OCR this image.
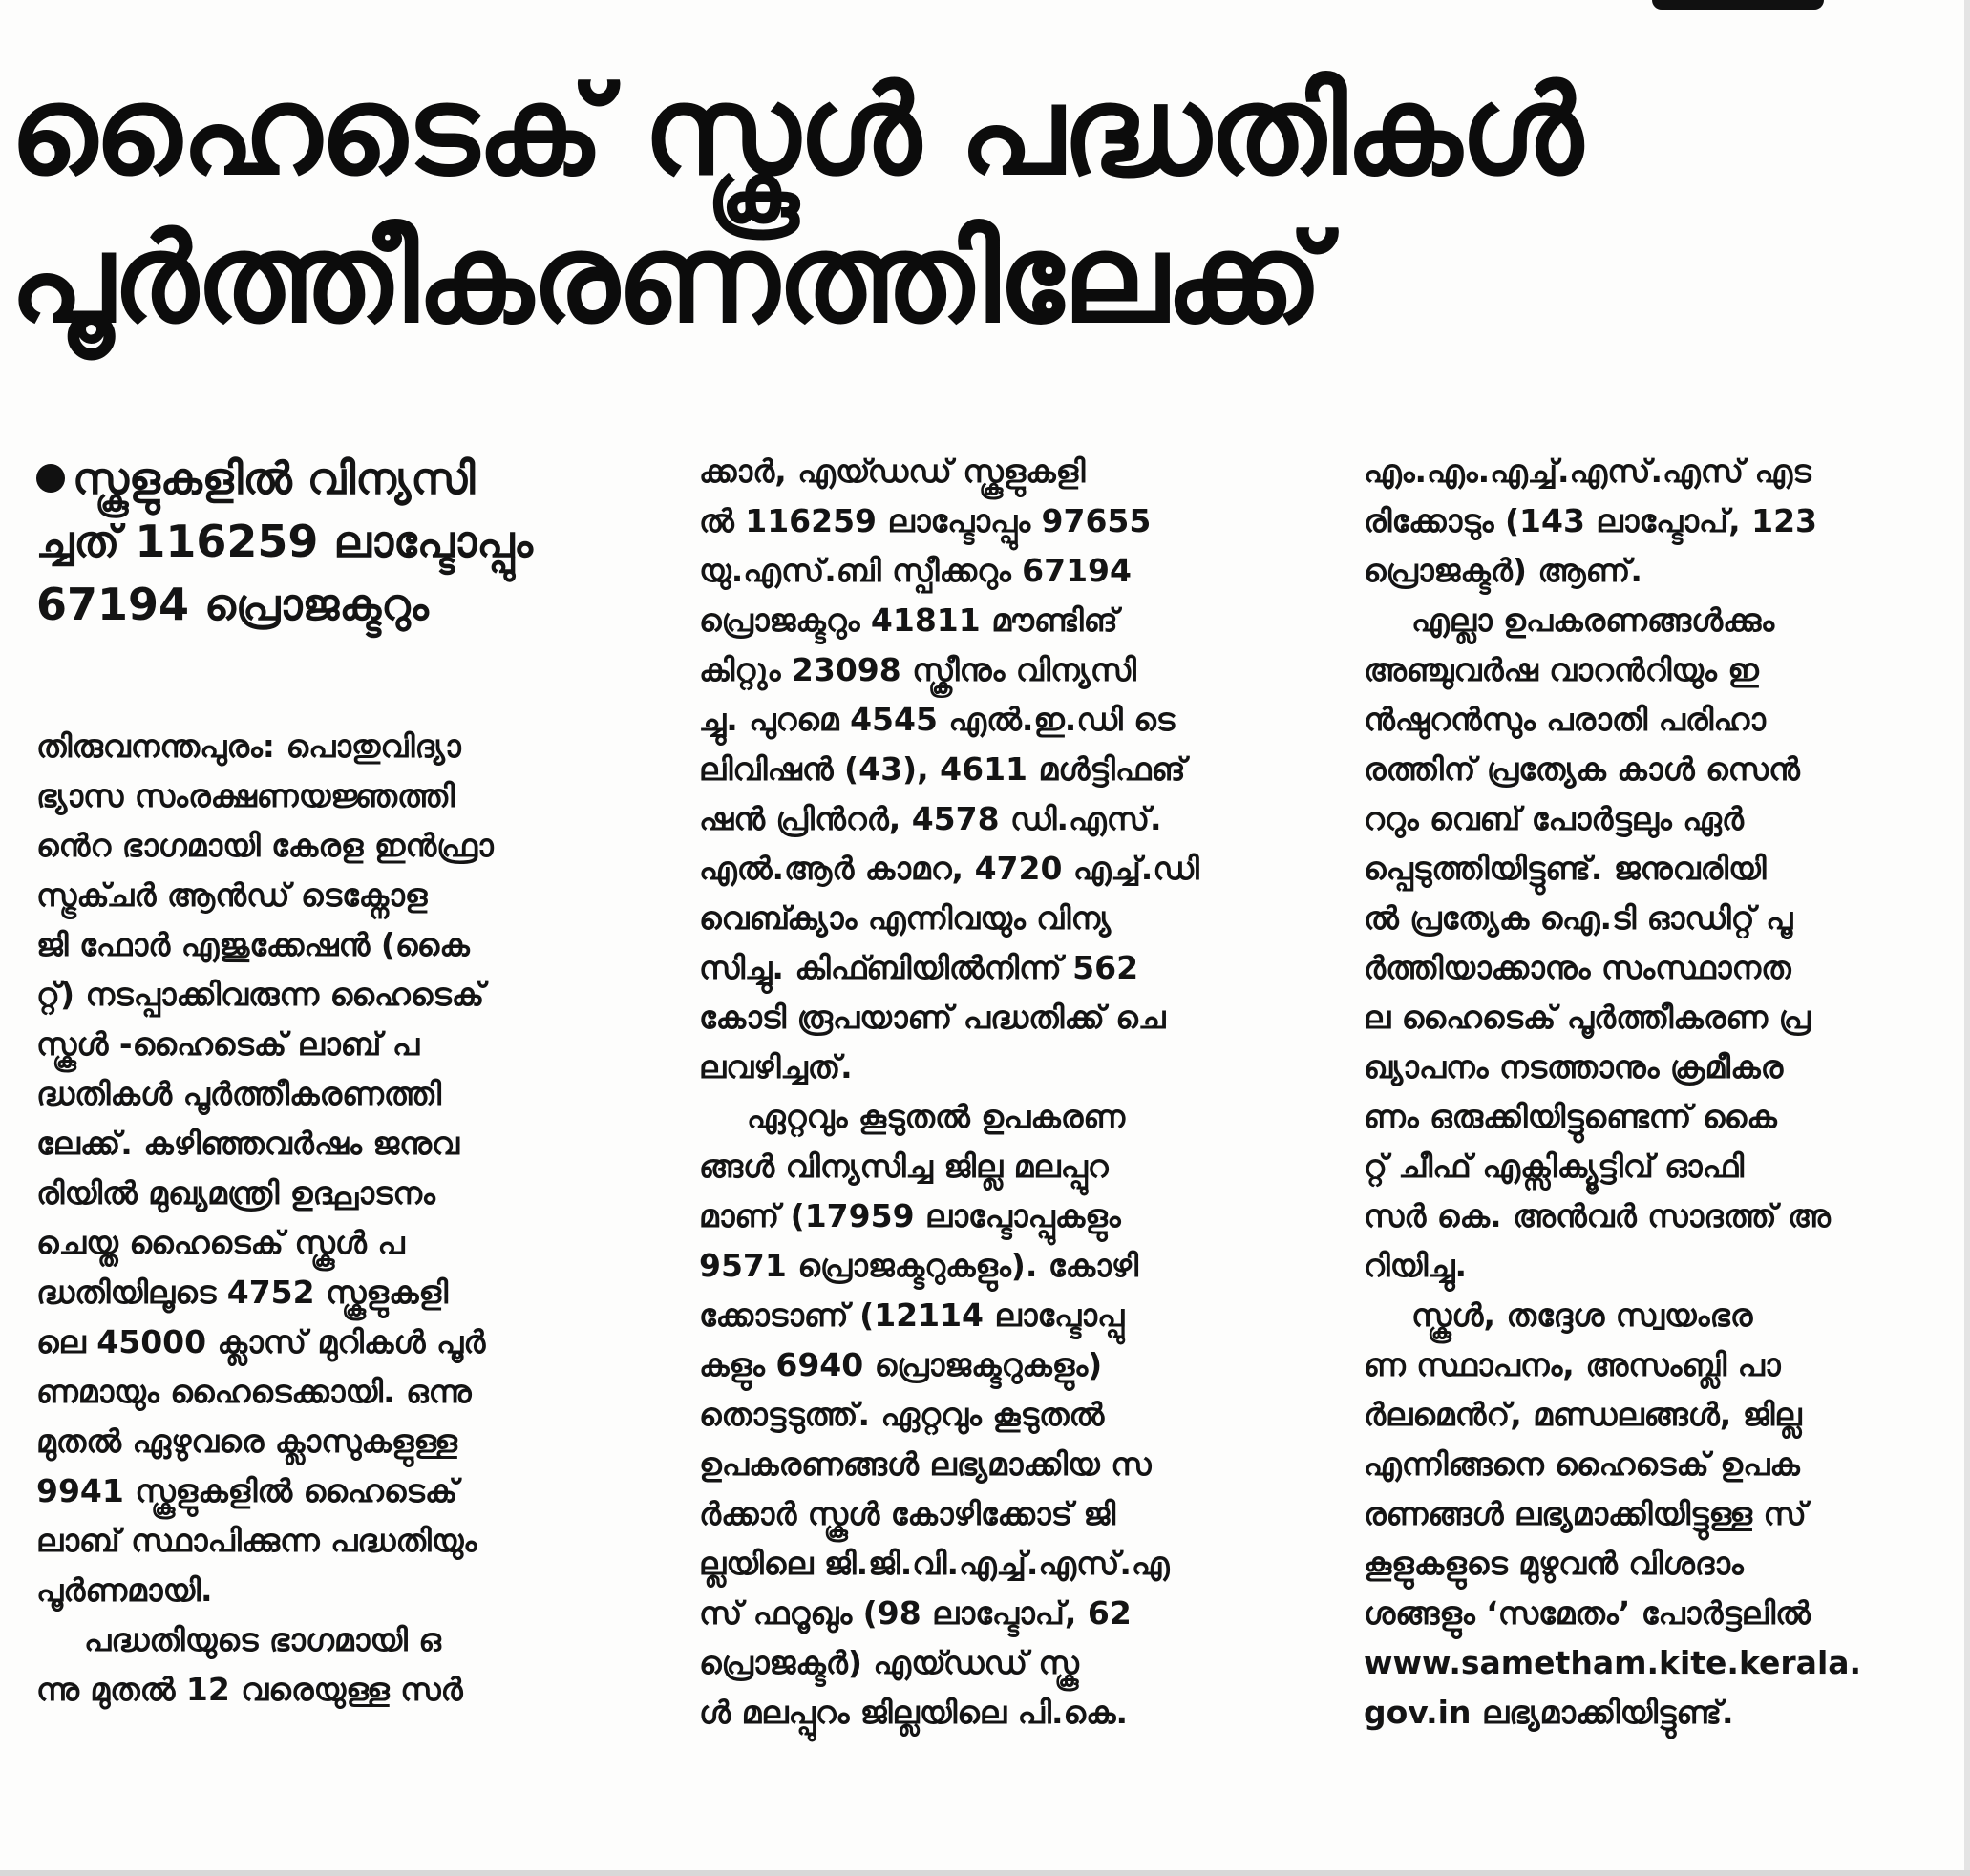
ഹൈടെക് സ്കൂൾ പദ്ധതികൾ
പൂർത്തീകരണത്തിലേക്ക്
സ്കൂളുകളിൽ വിന്യസി
ച്ചത് 116259 ലാപ്ടോപ്പും
67194 പ്രൊജക്ടറും

തിരുവനന്തപുരം: പൊതുവിദ്യാ
ഭ്യാസ സംരക്ഷണയജ്ഞത്തി
ൻെറ ഭാഗമായി കേരള ഇൻഫ്രാ
സ്ട്രക്ചർ ആൻഡ് ടെക്നോള
ജി ഫോർ എജുക്കേഷൻ (കൈ
റ്റ്) നടപ്പാക്കിവരുന്ന ഹൈടെക്
സ്കൂൾ -ഹൈടെക് ലാബ് പ
ദ്ധതികൾ പൂർത്തീകരണത്തി
ലേക്ക്. കഴിഞ്ഞവർഷം ജനുവ
രിയിൽ മുഖ്യമന്ത്രി ഉദ്ഘാടനം
ചെയ്ത ഹൈടെക് സ്കൂൾ പ
ദ്ധതിയിലൂടെ 4752 സ്കൂളുകളി
ലെ 45000 ക്ലാസ് മുറികൾ പൂർ
ണമായും ഹൈടെക്കായി. ഒന്നു
മുതൽ ഏഴുവരെ ക്ലാസുകളുള്ള
9941 സ്കൂളുകളിൽ ഹൈടെക്
ലാബ് സ്ഥാപിക്കുന്ന പദ്ധതിയും
പൂർണമായി.

പദ്ധതിയുടെ ഭാഗമായി ഒ
ന്നു മുതൽ 12 വരെയുള്ള സർ

ക്കാർ, എയ്ഡഡ് സ്കൂളുകളി
ൽ 116259 ലാപ്ടോപ്പും 97655
യു.എസ്.ബി സ്പീക്കറും 67194
പ്രൊജക്ടറും 41811 മൗണ്ടിങ്
കിറ്റും 23098 സ്ക്രീനും വിന്യസി
ച്ചു. പുറമെ 4545 എൽ.ഇ.ഡി ടെ
ലിവിഷൻ (43), 4611 മൾട്ടിഫങ്
ഷൻ പ്രിൻറർ, 4578 ഡി.എസ്.
എൽ.ആർ കാമറ, 4720 എച്ച്.ഡി
വെബ്ക്യാം എന്നിവയും വിന്യ
സിച്ചു. കിഫ്ബിയിൽനിന്ന് 562
കോടി രൂപയാണ് പദ്ധതിക്ക് ചെ
ലവഴിച്ചത്.

ഏറ്റവും കൂടുതൽ ഉപകരണ
ങ്ങൾ വിന്യസിച്ച ജില്ല മലപ്പുറ
മാണ് (17959 ലാപ്ടോപ്പുകളും
9571 പ്രൊജക്ടറുകളും). കോഴി
ക്കോടാണ് (12114 ലാപ്ടോപ്പു
കളും 6940 പ്രൊജക്ടറുകളും)
തൊട്ടടുത്ത്. ഏറ്റവും കൂടുതൽ
ഉപകരണങ്ങൾ ലഭ്യമാക്കിയ സ
ർക്കാർ സ്കൂൾ കോഴിക്കോട് ജി
ല്ലയിലെ ജി.ജി.വി.എച്ച്.എസ്.എ
സ് ഫറൂഖും (98 ലാപ്ടോപ്, 62
പ്രൊജക്ടർ) എയ്ഡഡ് സ്കൂ
ൾ മലപ്പുറം ജില്ലയിലെ പി.കെ.

എം.എം.എച്ച്.എസ്.എസ് എട
രിക്കോടും (143 ലാപ്ടോപ്, 123
പ്രൊജക്ടർ) ആണ്.

എല്ലാ ഉപകരണങ്ങൾക്കും
അഞ്ചുവർഷ വാറൻറിയും ഇ
ൻഷുറൻസും പരാതി പരിഹാ
രത്തിന് പ്രത്യേക കാൾ സെൻ
ററും വെബ് പോർട്ടലും ഏർ
പ്പെടുത്തിയിട്ടുണ്ട്. ജനുവരിയി
ൽ പ്രത്യേക ഐ.ടി ഓഡിറ്റ് പൂ
ർത്തിയാക്കാനും സംസ്ഥാനത
ല ഹൈടെക് പൂർത്തീകരണ പ്ര
ഖ്യാപനം നടത്താനും ക്രമീകര
ണം ഒരുക്കിയിട്ടുണ്ടെന്ന് കൈ
റ്റ് ചീഫ് എക്സിക്യൂട്ടിവ് ഓഫി
സർ കെ. അൻവർ സാദത്ത് അ
റിയിച്ചു.

സ്കൂൾ, തദ്ദേശ സ്വയംഭര
ണ സ്ഥാപനം, അസംബ്ലി പാ
ർലമെൻറ്, മണ്ഡലങ്ങൾ, ജില്ല
എന്നിങ്ങനെ ഹൈടെക് ഉപക
രണങ്ങൾ ലഭ്യമാക്കിയിട്ടുള്ള സ്
കൂളുകളുടെ മുഴുവൻ വിശദാം
ശങ്ങളും ‘സമേതം’ പോർട്ടലിൽ
www.sametham.kite.kerala.
gov.in ലഭ്യമാക്കിയിട്ടുണ്ട്.
